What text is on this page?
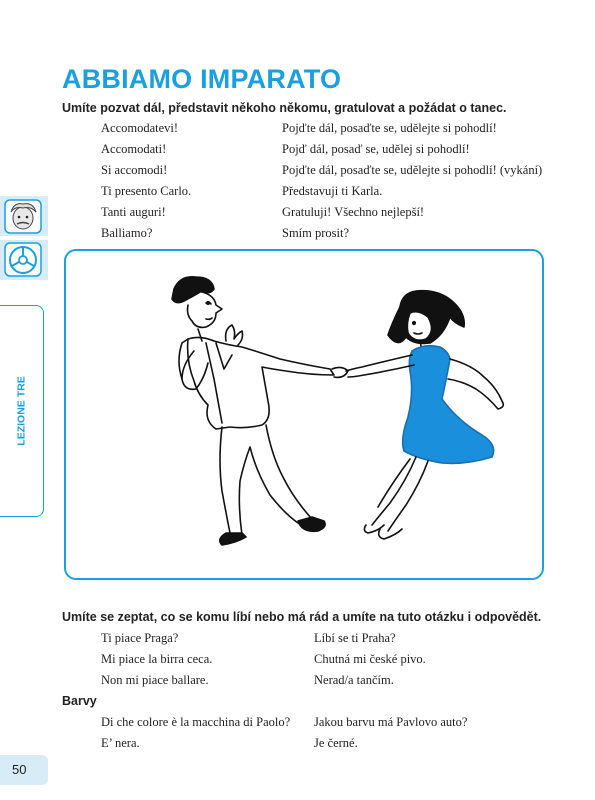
ABBIAMO IMPARATO
Umíte pozvat dál, představit někoho někomu, gratulovat a požádat o tanec.
Accomodatevi!	Pojďte dál, posaďte se, udělejte si pohodlí!
Accomodati!	Pojď dál, posaď se, udělej si pohodlí!
Si accomodi!	Pojďte dál, posaďte se, udělejte si pohodlí! (vykání)
Ti presento Carlo.	Představuji ti Karla.
Tanti auguri!	Gratuluji! Všechno nejlepší!
Balliamo?	Smím prosit?
LEZIONE TRE
Umíte se zeptat, co se komu líbí nebo má rád a umíte na tuto otázku i odpovědět.
Ti piace Praga?	Líbí se ti Praha?
Mi piace la birra ceca.	Chutná mi české pivo.
Non mi piace ballare.	Nerad/a tančím.
Barvy
Di che colore è la macchina di Paolo? Jakou barvu má Pavlovo auto?
E’ nera.	Je černé.
50
